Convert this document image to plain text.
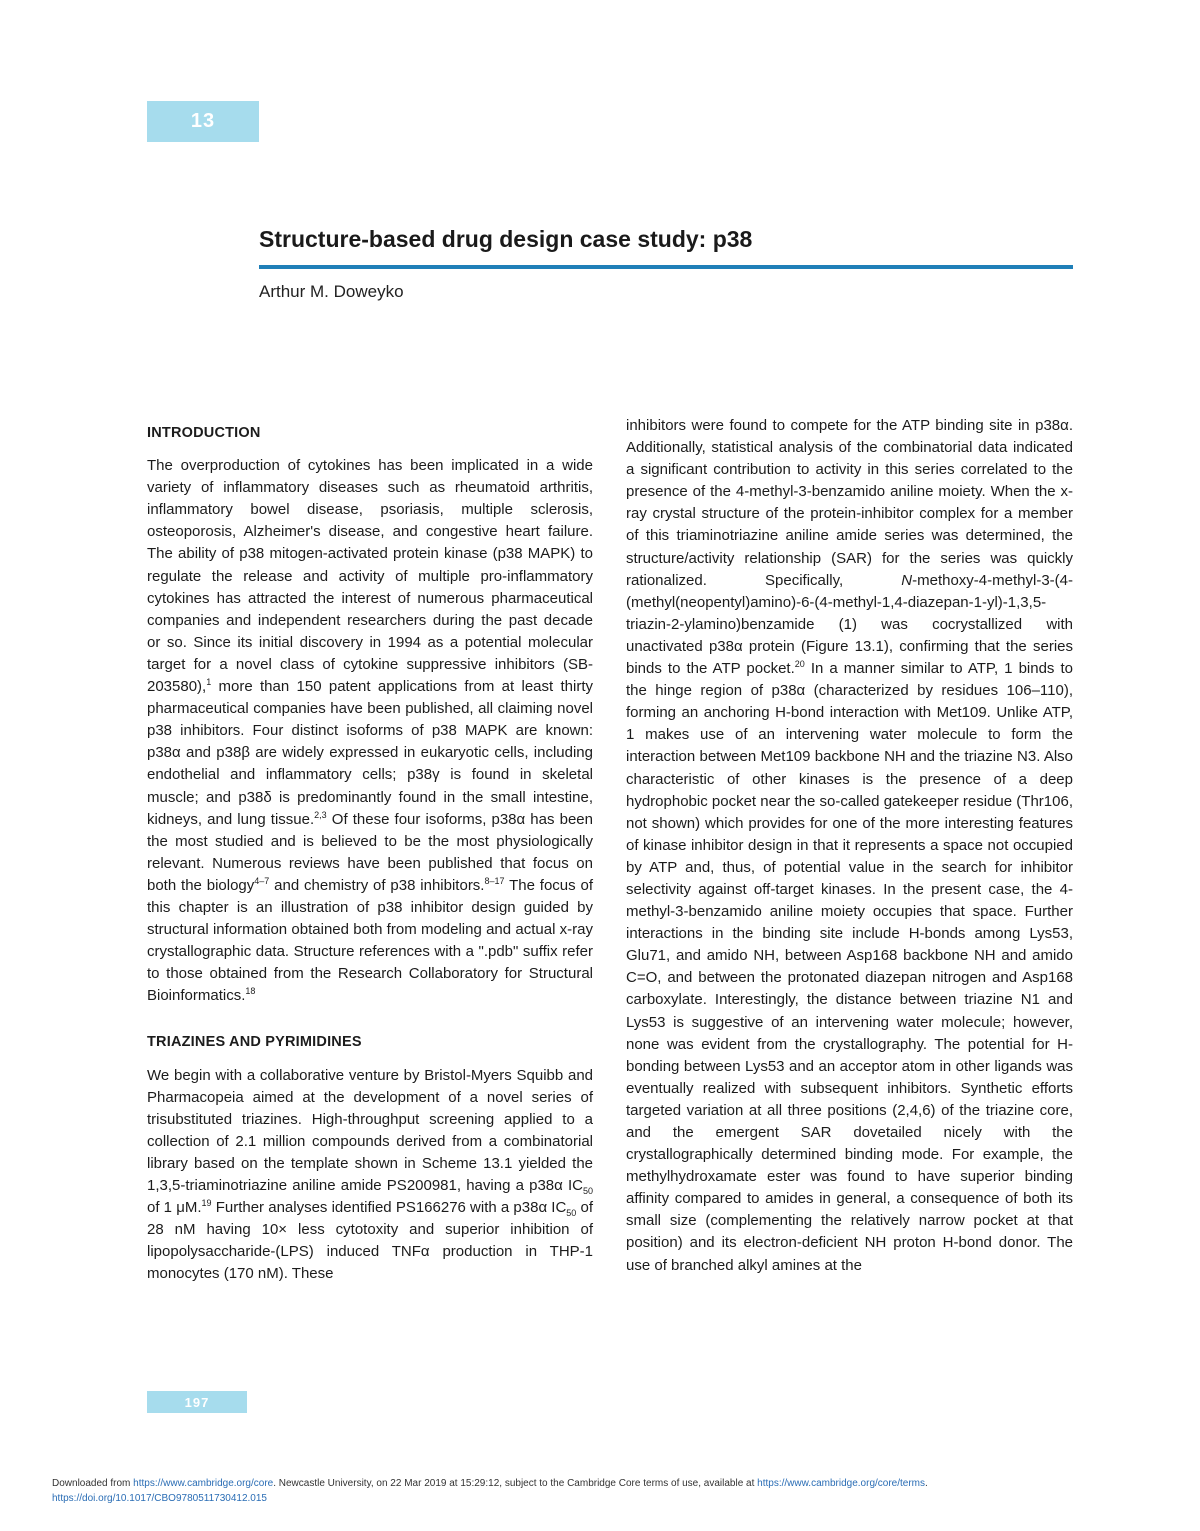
13
Structure-based drug design case study: p38
Arthur M. Doweyko
INTRODUCTION

The overproduction of cytokines has been implicated in a wide variety of inflammatory diseases such as rheumatoid arthritis, inflammatory bowel disease, psoriasis, multiple sclerosis, osteoporosis, Alzheimer's disease, and congestive heart failure. The ability of p38 mitogen-activated protein kinase (p38 MAPK) to regulate the release and activity of multiple pro-inflammatory cytokines has attracted the interest of numerous pharmaceutical companies and independent researchers during the past decade or so. Since its initial discovery in 1994 as a potential molecular target for a novel class of cytokine suppressive inhibitors (SB-203580),$^1$ more than 150 patent applications from at least thirty pharmaceutical companies have been published, all claiming novel p38 inhibitors. Four distinct isoforms of p38 MAPK are known: p38α and p38β are widely expressed in eukaryotic cells, including endothelial and inflammatory cells; p38γ is found in skeletal muscle; and p38δ is predominantly found in the small intestine, kidneys, and lung tissue.$^{2,3}$ Of these four isoforms, p38α has been the most studied and is believed to be the most physiologically relevant. Numerous reviews have been published that focus on both the biology$^{4-7}$ and chemistry of p38 inhibitors.$^{8-17}$ The focus of this chapter is an illustration of p38 inhibitor design guided by structural information obtained both from modeling and actual x-ray crystallographic data. Structure references with a ".pdb" suffix refer to those obtained from the Research Collaboratory for Structural Bioinformatics.$^{18}$

TRIAZINES AND PYRIMIDINES

We begin with a collaborative venture by Bristol-Myers Squibb and Pharmacopeia aimed at the development of a novel series of trisubstituted triazines. High-throughput screening applied to a collection of 2.1 million compounds derived from a combinatorial library based on the template shown in Scheme 13.1 yielded the 1,3,5-triaminotriazine aniline amide PS200981, having a p38α $IC_{50}$ of 1 μM.$^{19}$ Further analyses identified PS166276 with a p38α $IC_{50}$ of 28 nM having 10× less cytotoxity and superior inhibition of lipopolysaccharide-(LPS) induced TNFα production in THP-1 monocytes (170 nM). These

inhibitors were found to compete for the ATP binding site in p38α. Additionally, statistical analysis of the combinatorial data indicated a significant contribution to activity in this series correlated to the presence of the 4-methyl-3-benzamido aniline moiety. When the x-ray crystal structure of the protein-inhibitor complex for a member of this triaminotriazine aniline amide series was determined, the structure/activity relationship (SAR) for the series was quickly rationalized. Specifically, N-methoxy-4-methyl-3-(4-(methyl(neopentyl)amino)-6-(4-methyl-1,4-diazepan-1-yl)-1,3,5-triazin-2-ylamino)benzamide (1) was cocrystallized with unactivated p38α protein (Figure 13.1), confirming that the series binds to the ATP pocket.$^{20}$ In a manner similar to ATP, 1 binds to the hinge region of p38α (characterized by residues 106–110), forming an anchoring H-bond interaction with Met109. Unlike ATP, 1 makes use of an intervening water molecule to form the interaction between Met109 backbone NH and the triazine N3. Also characteristic of other kinases is the presence of a deep hydrophobic pocket near the so-called gatekeeper residue (Thr106, not shown) which provides for one of the more interesting features of kinase inhibitor design in that it represents a space not occupied by ATP and, thus, of potential value in the search for inhibitor selectivity against off-target kinases. In the present case, the 4-methyl-3-benzamido aniline moiety occupies that space. Further interactions in the binding site include H-bonds among Lys53, Glu71, and amido NH, between Asp168 backbone NH and amido C=O, and between the protonated diazepan nitrogen and Asp168 carboxylate. Interestingly, the distance between triazine N1 and Lys53 is suggestive of an intervening water molecule; however, none was evident from the crystallography. The potential for H-bonding between Lys53 and an acceptor atom in other ligands was eventually realized with subsequent inhibitors. Synthetic efforts targeted variation at all three positions (2,4,6) of the triazine core, and the emergent SAR dovetailed nicely with the crystallographically determined binding mode. For example, the methylhydroxamate ester was found to have superior binding affinity compared to amides in general, a consequence of both its small size (complementing the relatively narrow pocket at that position) and its electron-deficient NH proton H-bond donor. The use of branched alkyl amines at the

197
Downloaded from https://www.cambridge.org/core. Newcastle University, on 22 Mar 2019 at 15:29:12, subject to the Cambridge Core terms of use, available at https://www.cambridge.org/core/terms.
https://doi.org/10.1017/CBO9780511730412.015
